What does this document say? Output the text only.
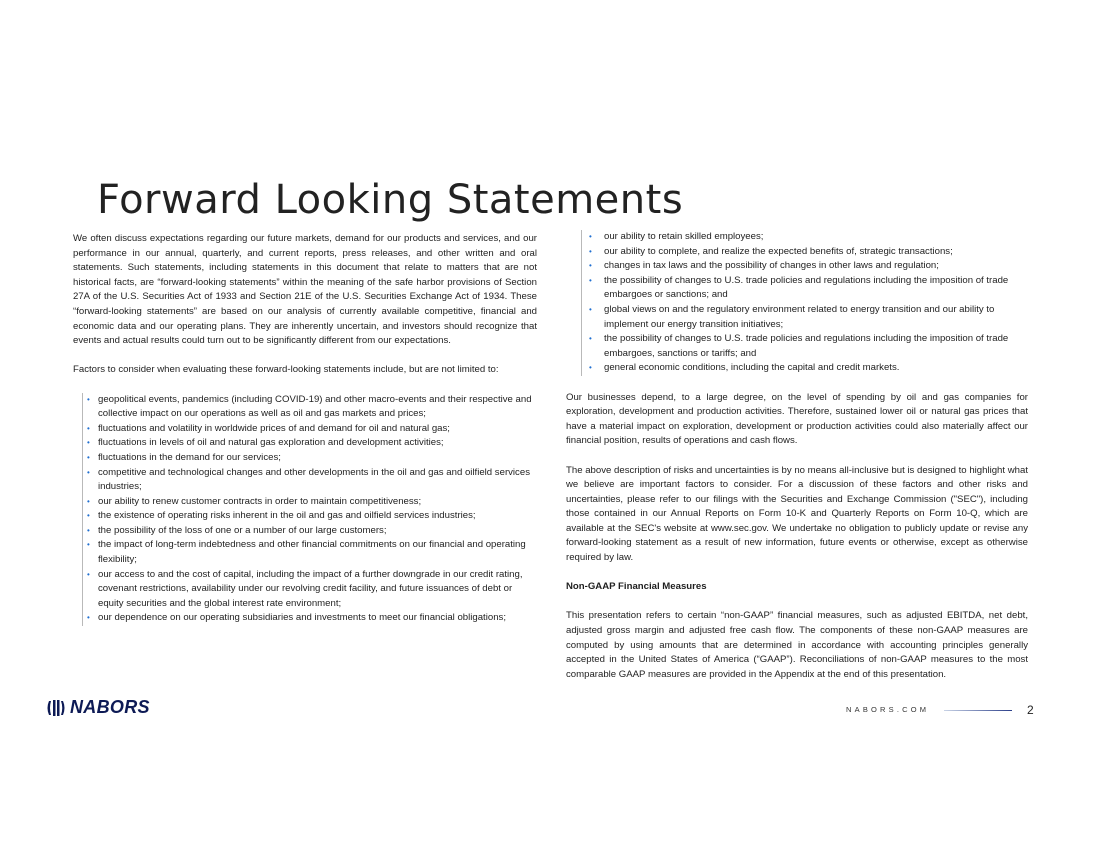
Forward Looking Statements

We often discuss expectations regarding our future markets, demand for our products and services, and our performance in our annual, quarterly, and current reports, press releases, and other written and oral statements. Such statements, including statements in this document that relate to matters that are not historical facts, are “forward-looking statements” within the meaning of the safe harbor provisions of Section 27A of the U.S. Securities Act of 1933 and Section 21E of the U.S. Securities Exchange Act of 1934. These “forward-looking statements” are based on our analysis of currently available competitive, financial and economic data and our operating plans. They are inherently uncertain, and investors should recognize that events and actual results could turn out to be significantly different from our expectations.

Factors to consider when evaluating these forward-looking statements include, but are not limited to:

• geopolitical events, pandemics (including COVID-19) and other macro-events and their respective and collective impact on our operations as well as oil and gas markets and prices;
• fluctuations and volatility in worldwide prices of and demand for oil and natural gas;
• fluctuations in levels of oil and natural gas exploration and development activities;
• fluctuations in the demand for our services;
• competitive and technological changes and other developments in the oil and gas and oilfield services industries;
• our ability to renew customer contracts in order to maintain competitiveness;
• the existence of operating risks inherent in the oil and gas and oilfield services industries;
• the possibility of the loss of one or a number of our large customers;
• the impact of long-term indebtedness and other financial commitments on our financial and operating flexibility;
• our access to and the cost of capital, including the impact of a further downgrade in our credit rating, covenant restrictions, availability under our revolving credit facility, and future issuances of debt or equity securities and the global interest rate environment;
• our dependence on our operating subsidiaries and investments to meet our financial obligations;
• our ability to retain skilled employees;
• our ability to complete, and realize the expected benefits of, strategic transactions;
• changes in tax laws and the possibility of changes in other laws and regulation;
• the possibility of changes to U.S. trade policies and regulations including the imposition of trade embargoes or sanctions; and
• global views on and the regulatory environment related to energy transition and our ability to implement our energy transition initiatives;
• the possibility of changes to U.S. trade policies and regulations including the imposition of trade embargoes, sanctions or tariffs; and
• general economic conditions, including the capital and credit markets.

Our businesses depend, to a large degree, on the level of spending by oil and gas companies for exploration, development and production activities. Therefore, sustained lower oil or natural gas prices that have a material impact on exploration, development or production activities could also materially affect our financial position, results of operations and cash flows.

The above description of risks and uncertainties is by no means all-inclusive but is designed to highlight what we believe are important factors to consider. For a discussion of these factors and other risks and uncertainties, please refer to our filings with the Securities and Exchange Commission ("SEC"), including those contained in our Annual Reports on Form 10-K and Quarterly Reports on Form 10-Q, which are available at the SEC's website at www.sec.gov. We undertake no obligation to publicly update or revise any forward-looking statement as a result of new information, future events or otherwise, except as otherwise required by law.

Non-GAAP Financial Measures

This presentation refers to certain “non-GAAP” financial measures, such as adjusted EBITDA, net debt, adjusted gross margin and adjusted free cash flow. The components of these non-GAAP measures are computed by using amounts that are determined in accordance with accounting principles generally accepted in the United States of America (“GAAP”). Reconciliations of non-GAAP measures to the most comparable GAAP measures are provided in the Appendix at the end of this presentation.

NABORS	NABORS.COM	2
